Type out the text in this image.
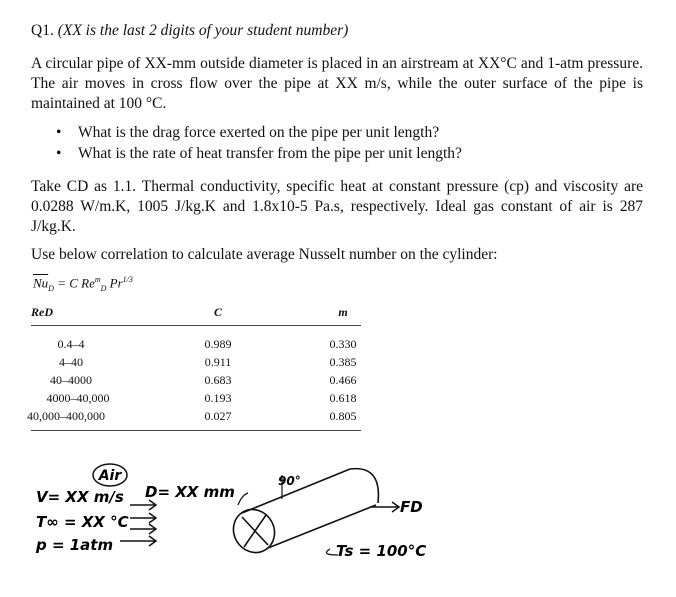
Q1. (XX is the last 2 digits of your student number)
A circular pipe of XX-mm outside diameter is placed in an airstream at XX°C and 1-atm pressure. The air moves in cross flow over the pipe at XX m/s, while the outer surface of the pipe is maintained at 100 °C.
• What is the drag force exerted on the pipe per unit length?
• What is the rate of heat transfer from the pipe per unit length?
Take CD as 1.1. Thermal conductivity, specific heat at constant pressure (cp) and viscosity are 0.0288 W/m.K, 1005 J/kg.K and 1.8x10-5 Pa.s, respectively. Ideal gas constant of air is 287 J/kg.K.
Use below correlation to calculate average Nusselt number on the cylinder:
$\overline{Nu}_D = C$ $Re^m_D$ $Pr^{1/3}$
ReD	C	m
0.4–4	0.989	0.330
4–40	0.911	0.385
40–4000	0.683	0.466
4000–40,000	0.193	0.618
40,000–400,000	0.027	0.805
Air
V= XX m/s
T∞ = XX °C
p = 1atm
D= XX mm
90°
FD
Ts = 100°C
